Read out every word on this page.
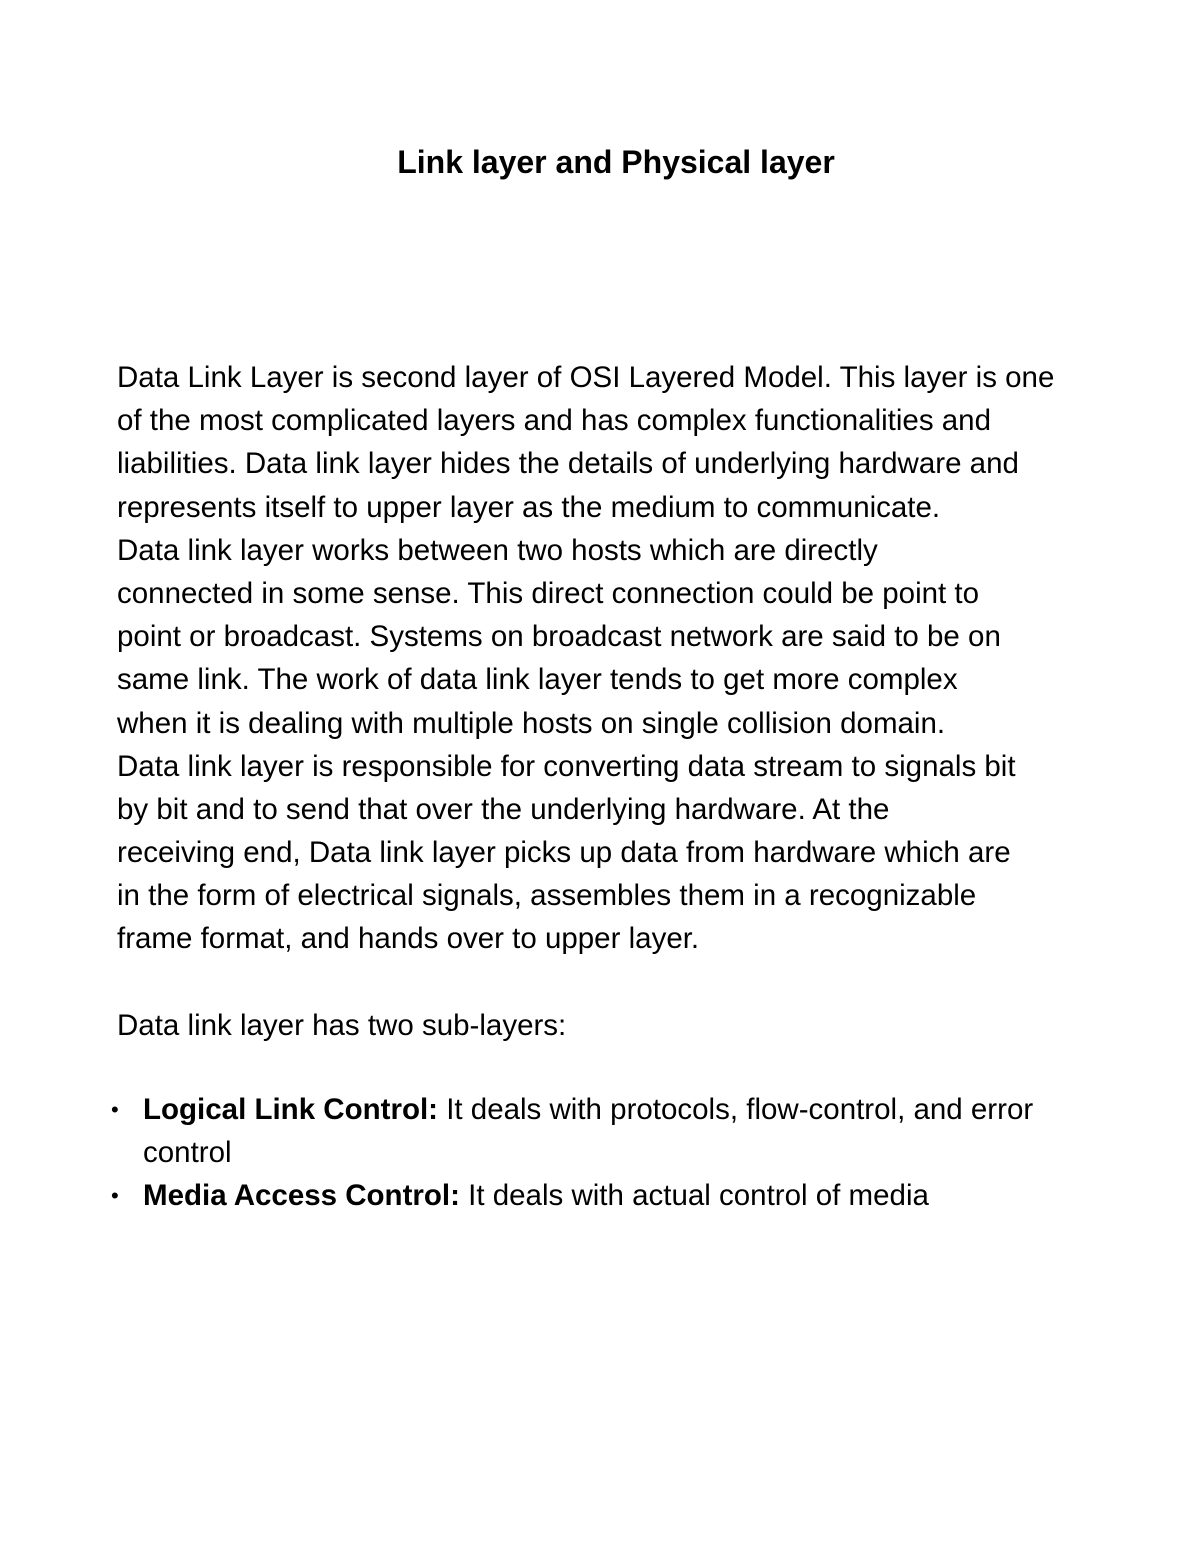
Link layer and Physical layer
Data Link Layer is second layer of OSI Layered Model. This layer is one
of the most complicated layers and has complex functionalities and
liabilities. Data link layer hides the details of underlying hardware and
represents itself to upper layer as the medium to communicate.
Data link layer works between two hosts which are directly
connected in some sense. This direct connection could be point to
point or broadcast. Systems on broadcast network are said to be on
same link. The work of data link layer tends to get more complex
when it is dealing with multiple hosts on single collision domain.
Data link layer is responsible for converting data stream to signals bit
by bit and to send that over the underlying hardware. At the
receiving end, Data link layer picks up data from hardware which are
in the form of electrical signals, assembles them in a recognizable
frame format, and hands over to upper layer.
Data link layer has two sub-layers:
• Logical Link Control: It deals with protocols, flow-control, and error
control
• Media Access Control: It deals with actual control of media
